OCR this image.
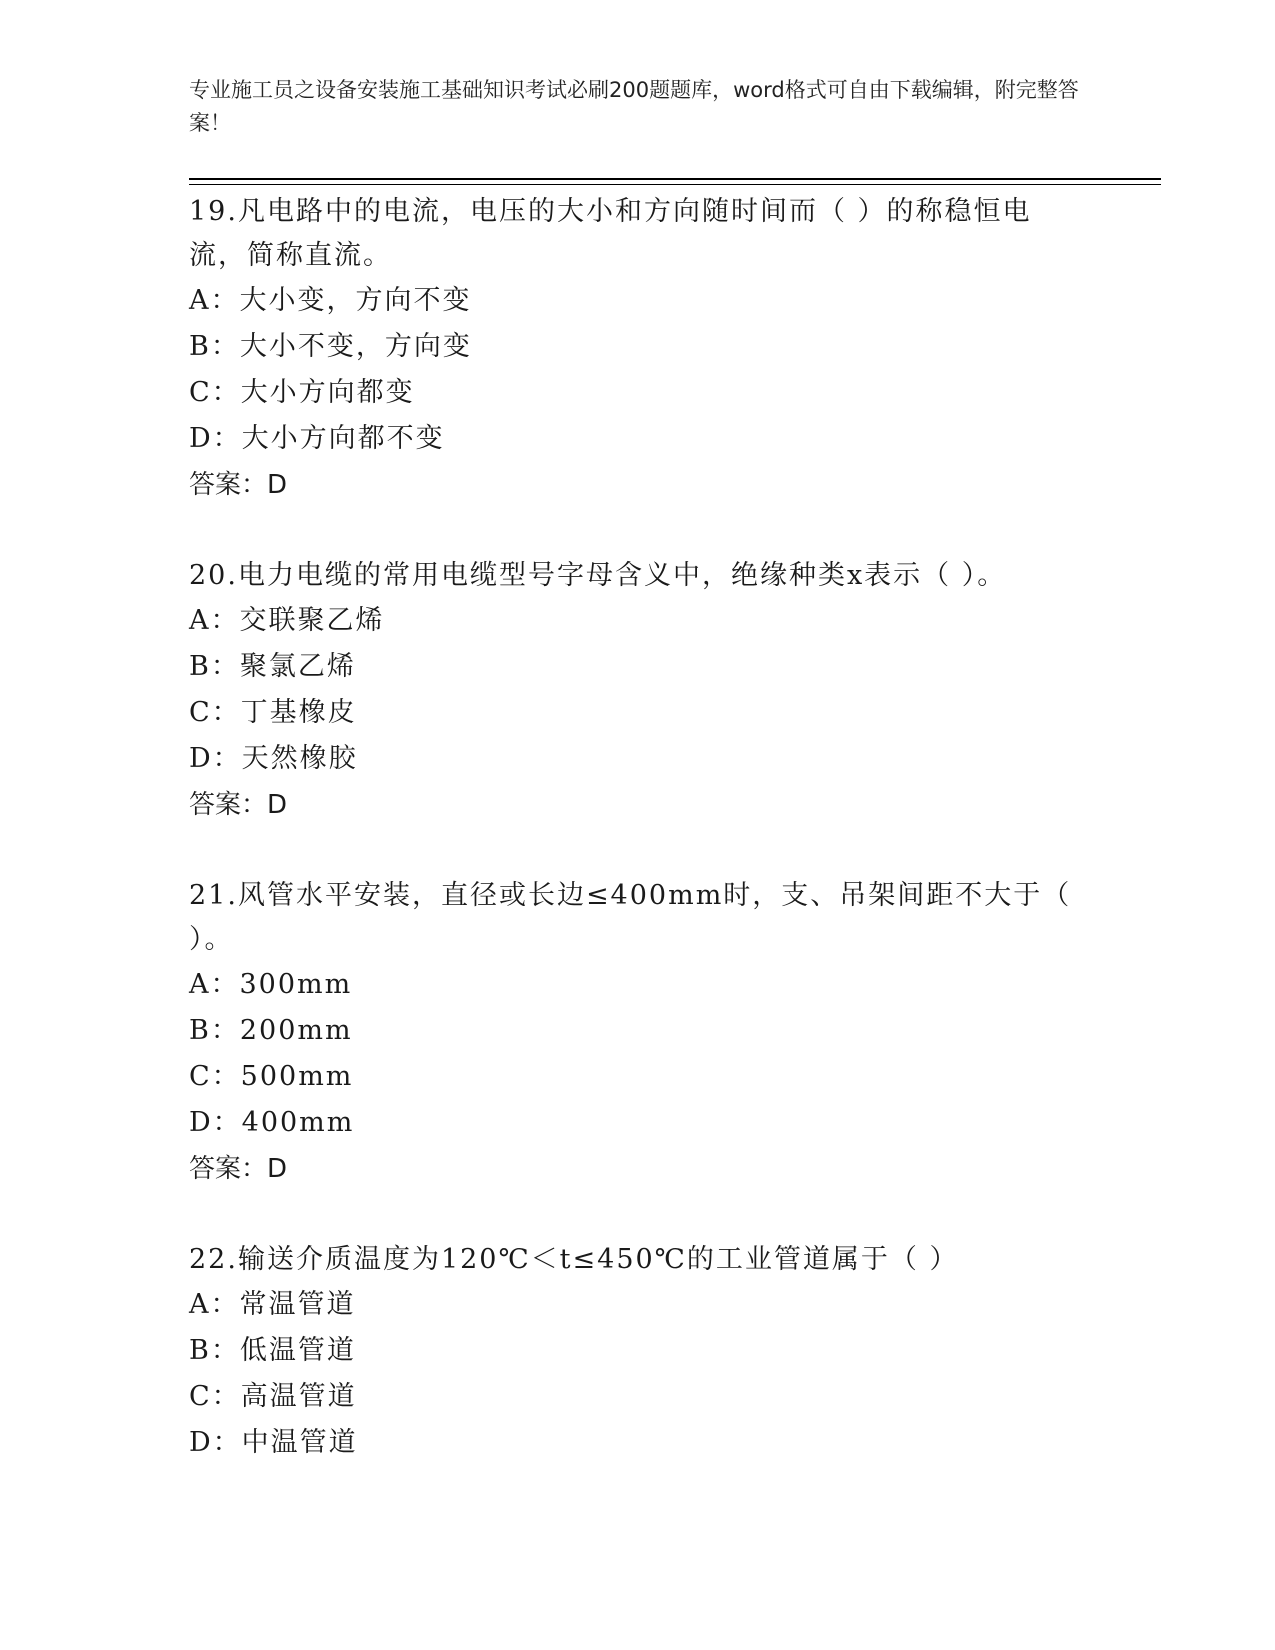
专业施工员之设备安装施工基础知识考试必刷200题题库，word格式可自由下载编辑，附完整答案！

19.凡电路中的电流，电压的大小和方向随时间而（ ）的称稳恒电流，简称直流。

A：大小变，方向不变
B：大小不变，方向变
C：大小方向都变
D：大小方向都不变
答案：D

20.电力电缆的常用电缆型号字母含义中，绝缘种类x表示（ ）。

A：交联聚乙烯
B：聚氯乙烯
C：丁基橡皮
D：天然橡胶
答案：D

21.风管水平安装，直径或长边≤400mm时，支、吊架间距不大于（ ）。

A：300mm
B：200mm
C：500mm
D：400mm
答案：D

22.输送介质温度为120℃＜t≤450℃的工业管道属于（ ）

A：常温管道
B：低温管道
C：高温管道
D：中温管道
